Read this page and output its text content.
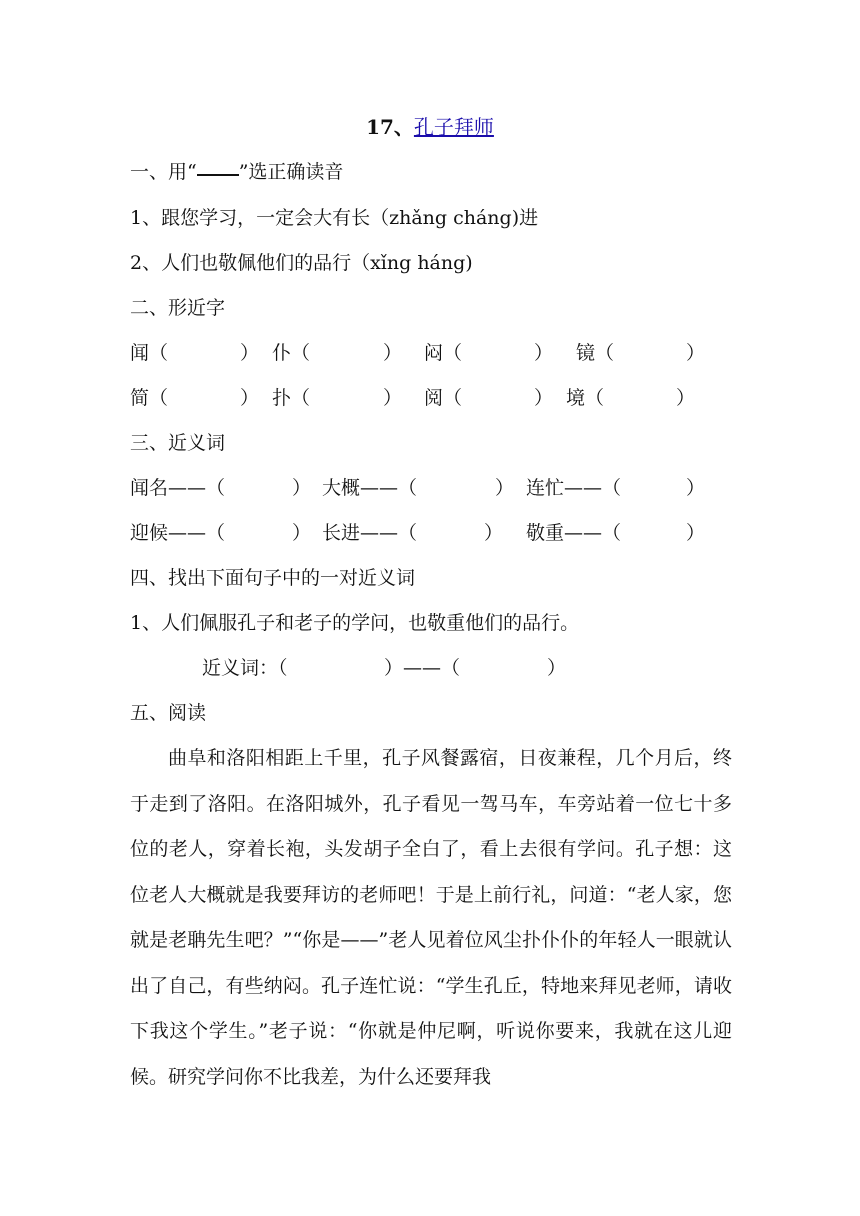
17、孔子拜师
一、用“ ”选正确读音
1、跟您学习，一定会大有长（zhǎng cháng)进
2、人们也敬佩他们的品行（xǐng háng)
二、形近字
闻（	） 仆（	） 闷（	） 镜（	）
简（	） 扑（	） 阅（	） 境（	）
三、近义词
闻名——（	） 大概——（	） 连忙——（	）
迎候——（	） 长进——（	） 敬重——（	）
四、找出下面句子中的一对近义词
1、人们佩服孔子和老子的学问，也敬重他们的品行。
近义词：（	）——（	）
五、阅读
曲阜和洛阳相距上千里，孔子风餐露宿，日夜兼程，几个月后，终于走到了洛阳。在洛阳城外，孔子看见一驾马车，车旁站着一位七十多位的老人，穿着长袍，头发胡子全白了，看上去很有学问。孔子想：这位老人大概就是我要拜访的老师吧！于是上前行礼，问道：“老人家，您就是老聃先生吧？”“你是——”老人见着位风尘扑仆仆的年轻人一眼就认出了自己，有些纳闷。孔子连忙说：“学生孔丘，特地来拜见老师，请收下我这个学生。”老子说：“你就是仲尼啊，听说你要来，我就在这儿迎候。研究学问你不比我差，为什么还要拜我
